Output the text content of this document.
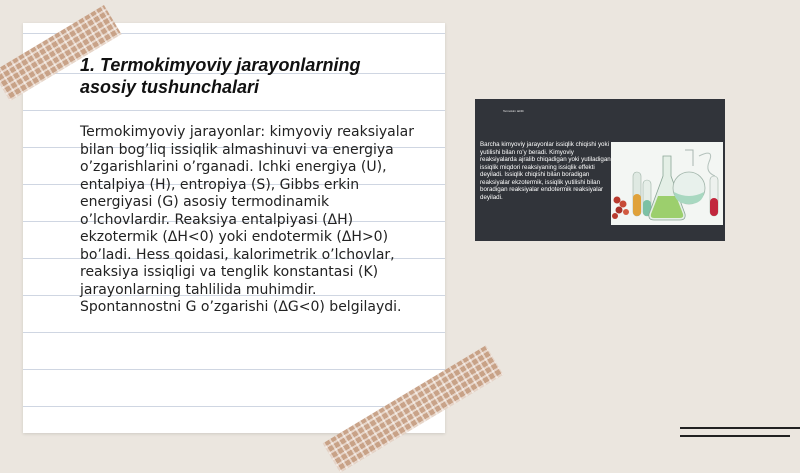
1. Termokimyoviy jarayonlarning asosiy tushunchalari

Termokimyoviy jarayonlar: kimyoviy reaksiyalar bilan bog’liq issiqlik almashinuvi va energiya o’zgarishlarini o’rganadi. Ichki energiya (U), entalpiya (H), entropiya (S), Gibbs erkin energiyasi (G) asosiy termodinamik o’lchovlardir. Reaksiya entalpiyasi (ΔH) ekzotermik (ΔH<0) yoki endotermik (ΔH>0) bo’ladi. Hess qoidasi, kalorimetrik o’lchovlar, reaksiya issiqligi va tenglik konstantasi (K) jarayonlarning tahlilida muhimdir. Spontannostni G o’zgarishi (ΔG<0) belgilaydi.

Termokim tahlili

Barcha kimyoviy jarayonlar issiqlik chiqishi yoki yutilishi bilan ro’y beradi. Kimyoviy reaksiyalarda ajralib chiqadigan yoki yutiladigan issiqlik miqdori reaksiyaning issiqlik effekti deyiladi. Issiqlik chiqishi bilan boradigan reaksiyalar ekzotermik, issiqlik yutilishi bilan boradigan reaksiyalar endotermik reaksiyalar deyiladi.
